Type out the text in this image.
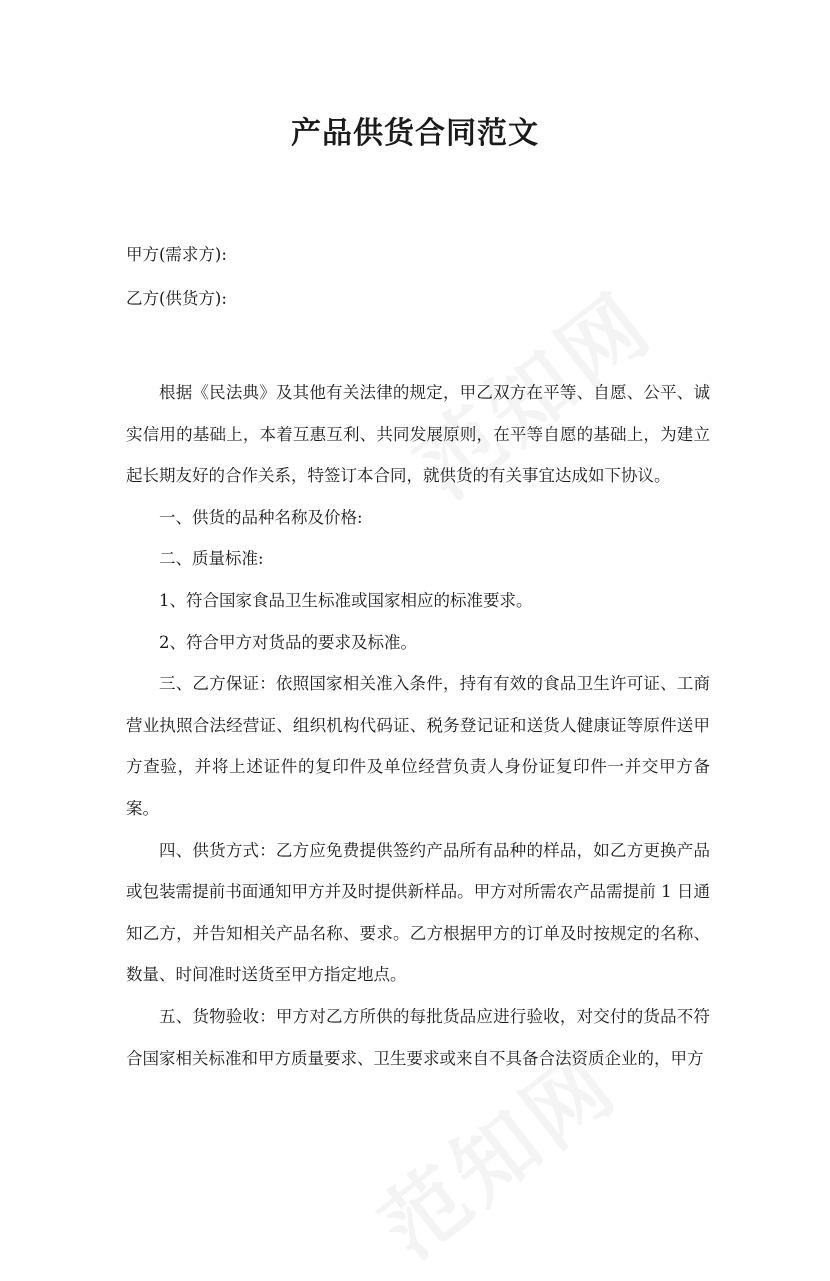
产品供货合同范文
甲方(需求方):
乙方(供货方):

根据《民法典》及其他有关法律的规定，甲乙双方在平等、自愿、公平、诚实信用的基础上，本着互惠互利、共同发展原则，在平等自愿的基础上，为建立起长期友好的合作关系，特签订本合同，就供货的有关事宜达成如下协议。

一、供货的品种名称及价格:

二、质量标准:

1、符合国家食品卫生标准或国家相应的标准要求。

2、符合甲方对货品的要求及标准。

三、乙方保证：依照国家相关准入条件，持有有效的食品卫生许可证、工商营业执照合法经营证、组织机构代码证、税务登记证和送货人健康证等原件送甲方查验，并将上述证件的复印件及单位经营负责人身份证复印件一并交甲方备案。

四、供货方式：乙方应免费提供签约产品所有品种的样品，如乙方更换产品或包装需提前书面通知甲方并及时提供新样品。甲方对所需农产品需提前 1 日通知乙方，并告知相关产品名称、要求。乙方根据甲方的订单及时按规定的名称、数量、时间准时送货至甲方指定地点。

五、货物验收：甲方对乙方所供的每批货品应进行验收，对交付的货品不符合国家相关标准和甲方质量要求、卫生要求或来自不具备合法资质企业的，甲方
